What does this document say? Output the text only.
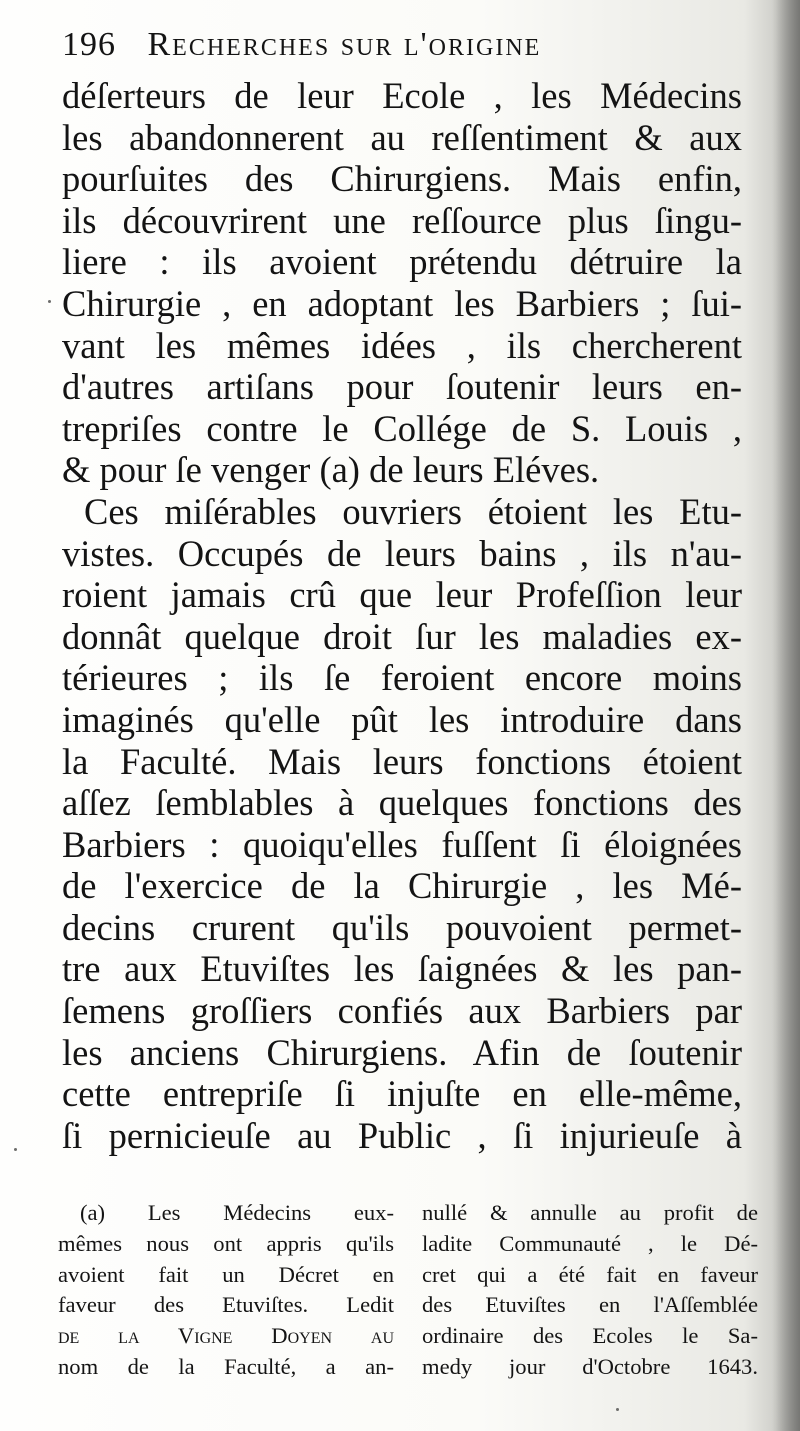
196 Recherches sur l'origine
déſerteurs de leur Ecole , les Médecins
les abandonnerent au reſſentiment & aux
pourſuites des Chirurgiens. Mais enfin,
ils découvrirent une reſſource plus ſingu-
liere : ils avoient prétendu détruire la
Chirurgie , en adoptant les Barbiers ; ſui-
vant les mêmes idées , ils chercherent
d'autres artiſans pour ſoutenir leurs en-
trepriſes contre le Collége de S. Louis ,
& pour ſe venger (a) de leurs Eléves.
Ces miſérables ouvriers étoient les Etu-
vistes. Occupés de leurs bains , ils n'au-
roient jamais crû que leur Profeſſion leur
donnât quelque droit ſur les maladies ex-
térieures ; ils ſe feroient encore moins
imaginés qu'elle pût les introduire dans
la Faculté. Mais leurs fonctions étoient
aſſez ſemblables à quelques fonctions des
Barbiers : quoiqu'elles fuſſent ſi éloignées
de l'exercice de la Chirurgie , les Mé-
decins crurent qu'ils pouvoient permet-
tre aux Etuviſtes les ſaignées & les pan-
ſemens groſſiers confiés aux Barbiers par
les anciens Chirurgiens. Afin de ſoutenir
cette entrepriſe ſi injuſte en elle-même,
ſi pernicieuſe au Public , ſi injurieuſe à
(a) Les Médecins eux-
mêmes nous ont appris qu'ils
avoient fait un Décret en
faveur des Etuviſtes. Ledit
de la Vigne Doyen au
nom de la Faculté, a an-
nullé & annulle au profit de
ladite Communauté , le Dé-
cret qui a été fait en faveur
des Etuviſtes en l'Aſſemblée
ordinaire des Ecoles le Sa-
medy jour d'Octobre 1643.
